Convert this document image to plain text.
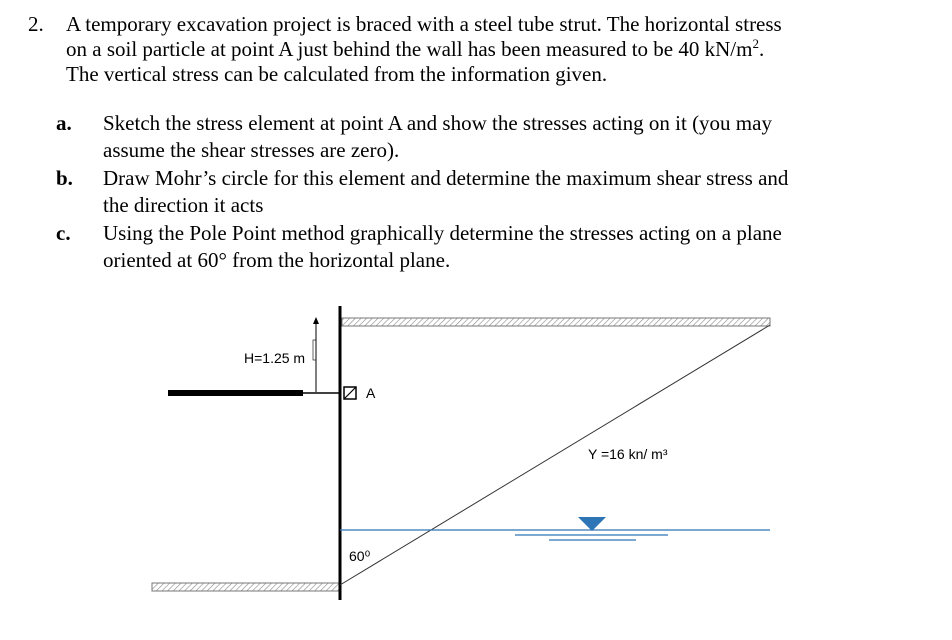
2. A temporary excavation project is braced with a steel tube strut. The horizontal stress
on a soil particle at point A just behind the wall has been measured to be 40 $kN/m^2$.
The vertical stress can be calculated from the information given.
a. Sketch the stress element at point A and show the stresses acting on it (you may
assume the shear stresses are zero).
b. Draw Mohr’s circle for this element and determine the maximum shear stress and
the direction it acts
c. Using the Pole Point method graphically determine the stresses acting on a plane
oriented at 60° from the horizontal plane.
H=1.25 m
A
Y =16 kn/ m³
60⁰
